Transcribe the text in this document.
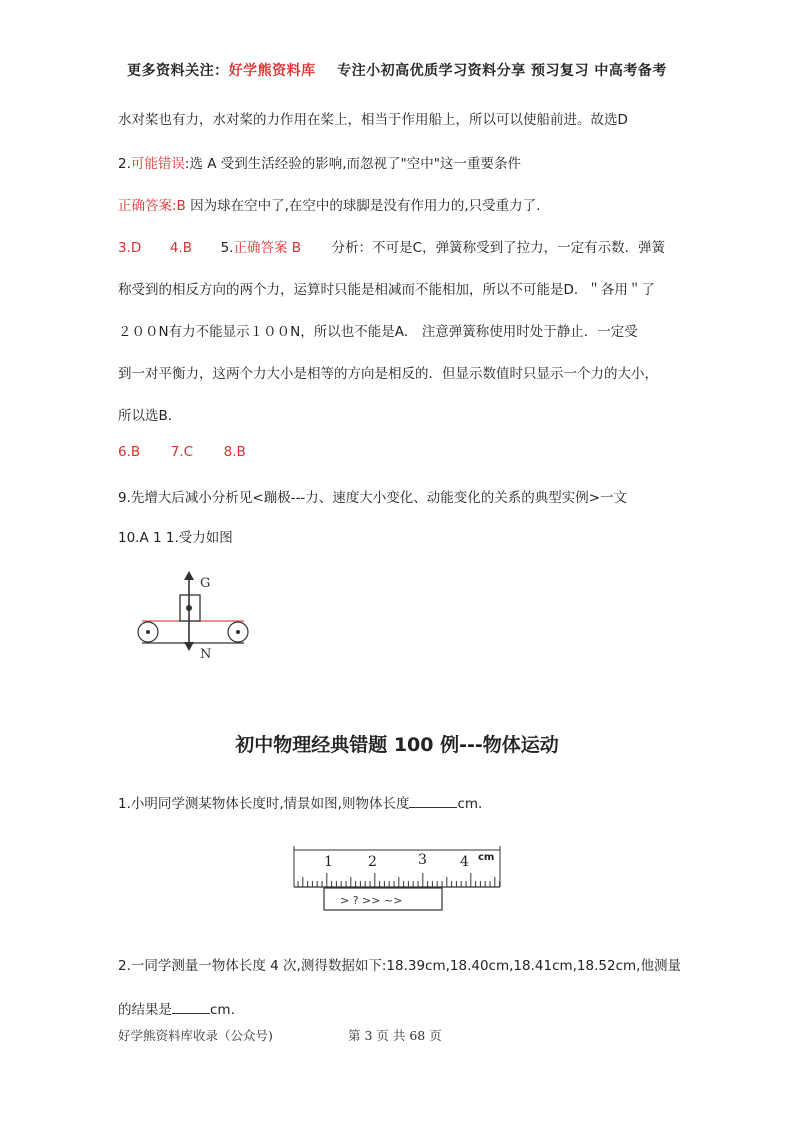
更多资料关注：好学熊资料库 专注小初高优质学习资料分享 预习复习 中高考备考
水对桨也有力，水对桨的力作用在桨上，相当于作用船上，所以可以使船前进。故选D
2.可能错误:选 A 受到生活经验的影响,而忽视了"空中"这一重要条件
正确答案:B 因为球在空中了,在空中的球脚是没有作用力的,只受重力了.
3.D 4.B 5.正确答案 B 分析：不可是C，弹簧称受到了拉力，一定有示数．弹簧
称受到的相反方向的两个力，运算时只能是相减而不能相加，所以不可能是D．＂各用＂了
２００N有力不能显示１００N，所以也不能是A． 注意弹簧称使用时处于静止．一定受
到一对平衡力，这两个力大小是相等的方向是相反的．但显示数值时只显示一个力的大小，
所以选B．
6.B 7.C 8.B
9.先增大后减小分析见<蹦极---力、速度大小变化、动能变化的关系的典型实例>一文
10.A 1 1.受力如图
G
N
初中物理经典错题 100 例---物体运动
1.小明同学测某物体长度时,情景如图,则物体长度	cm.
1	2	3 4 cm
> ? >> ~>
2.一同学测量一物体长度 4 次,测得数据如下:18.39cm,18.40cm,18.41cm,18.52cm,他测量
的结果是	cm.
好学熊资料库收录（公众号)	第 3 页 共 68 页
